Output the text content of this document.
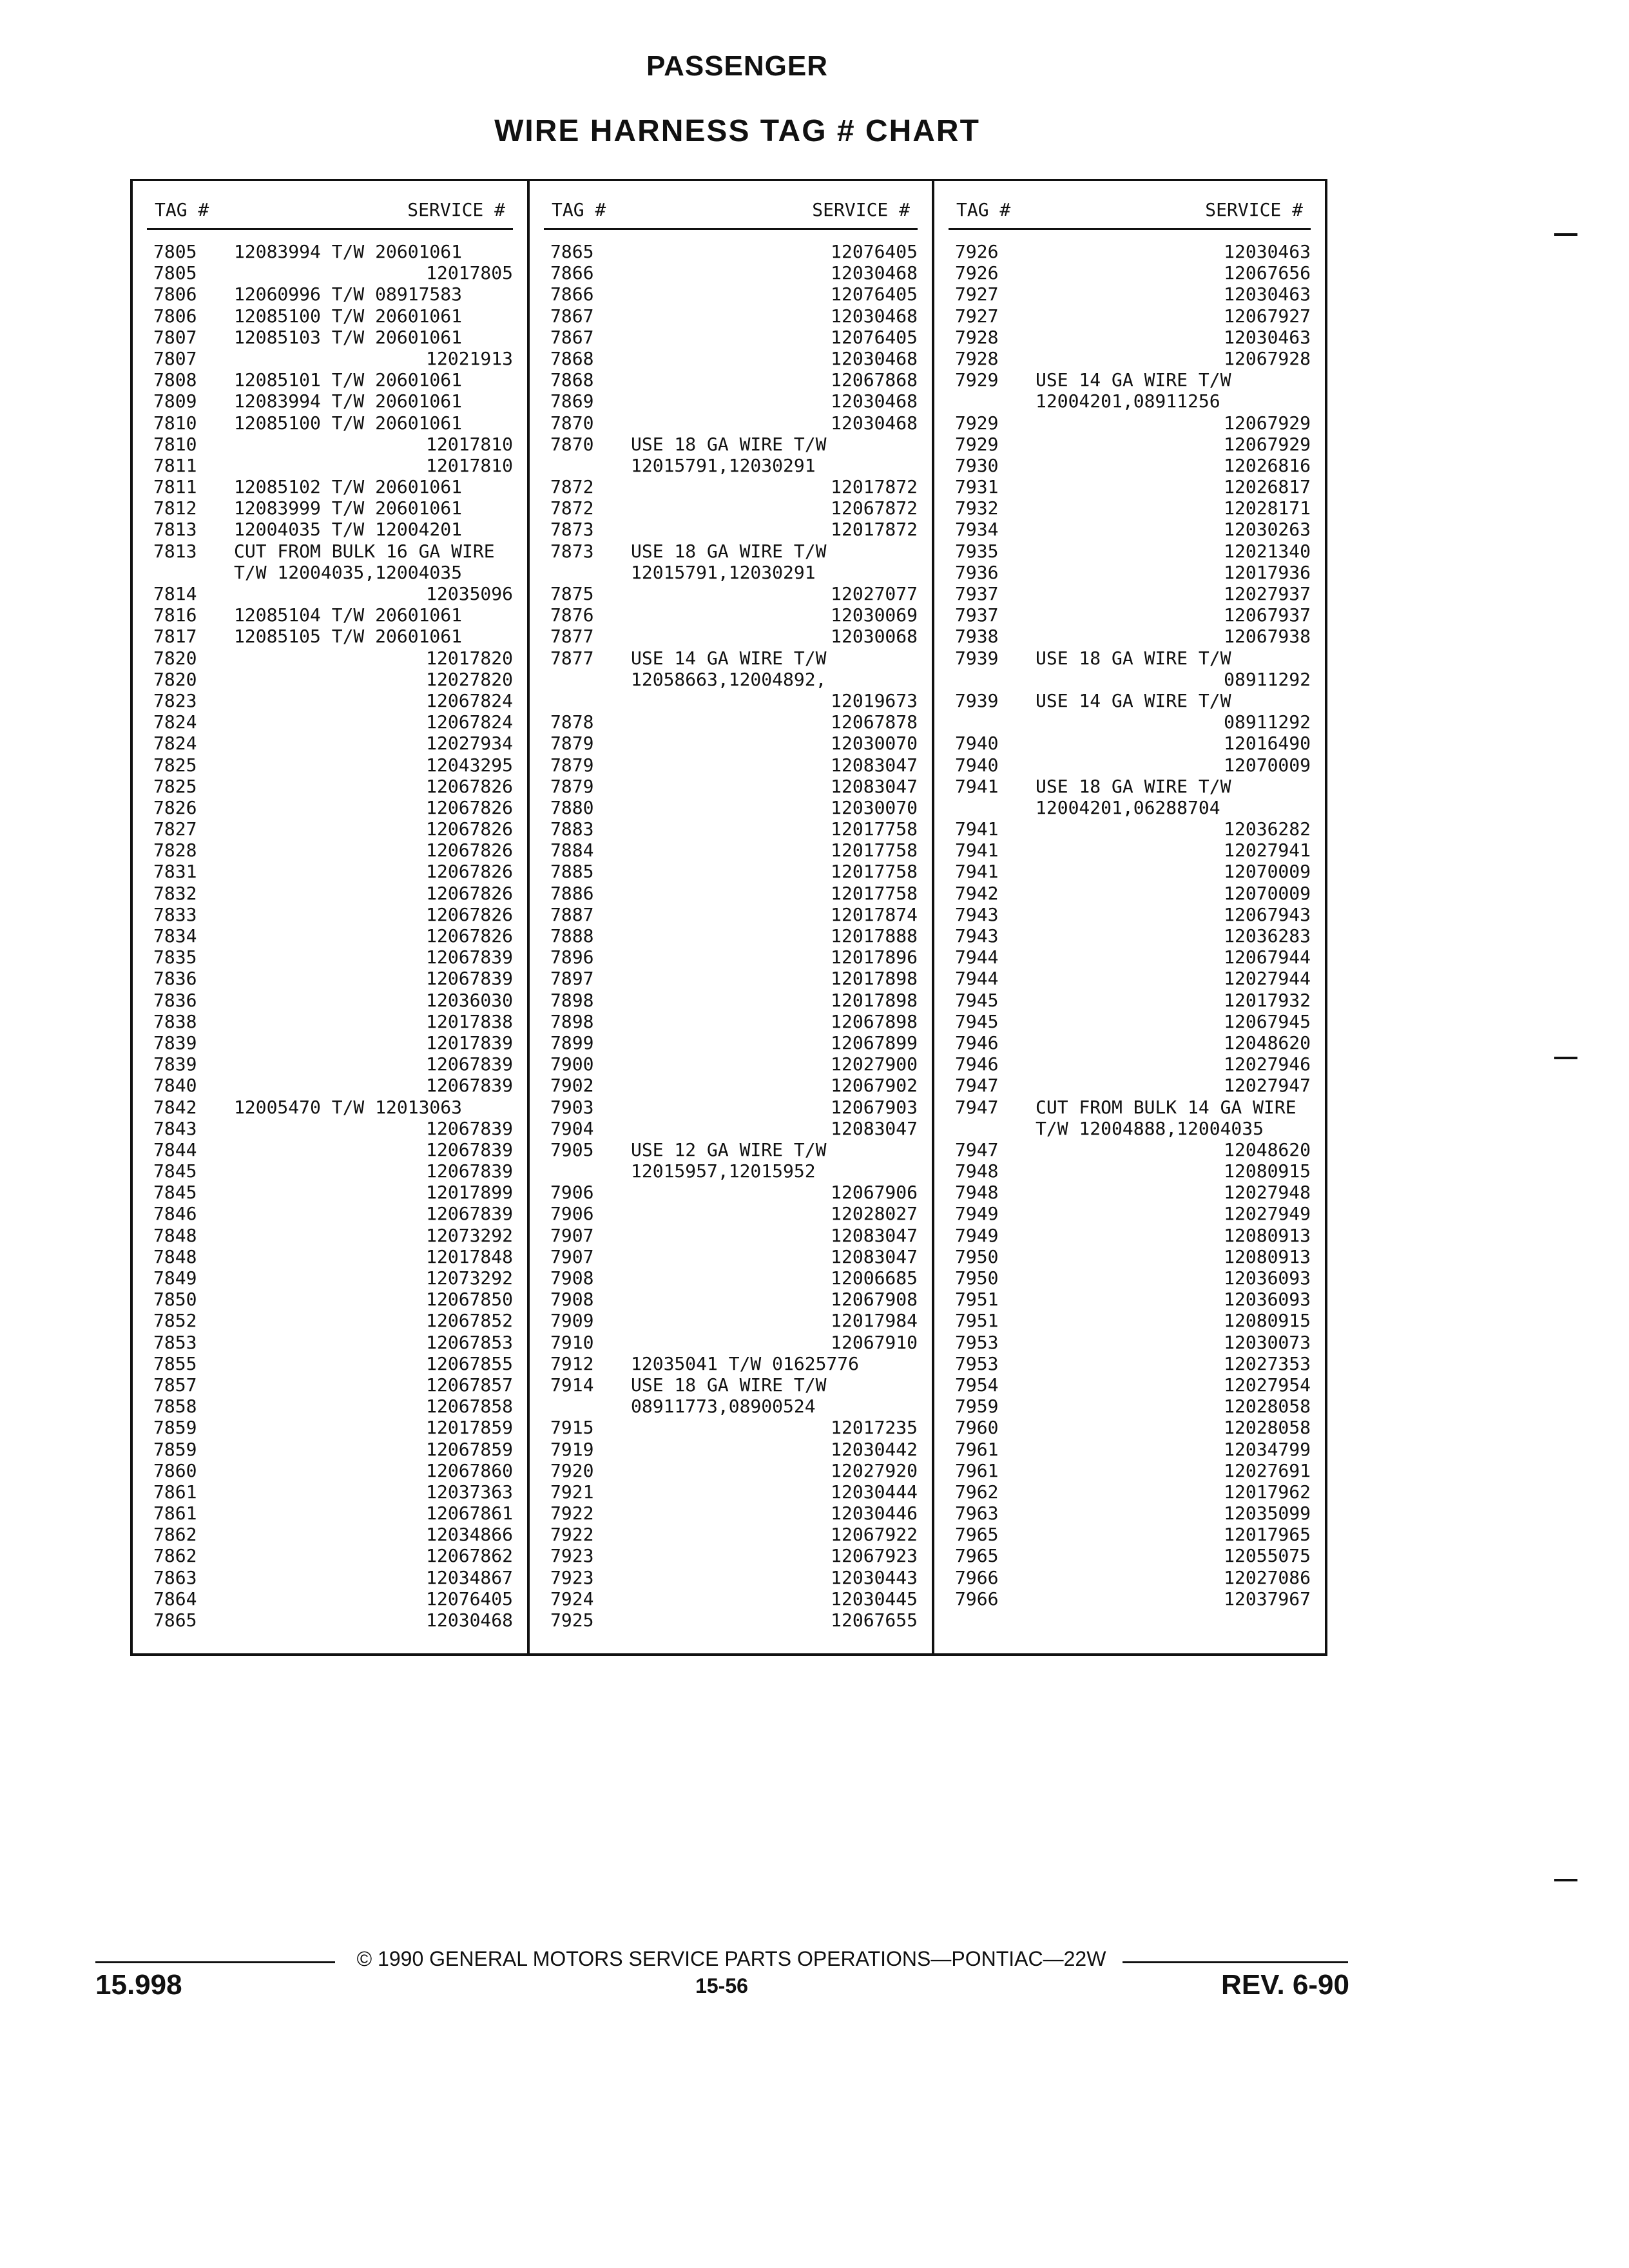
PASSENGER
WIRE HARNESS TAG # CHART
TAG #	SERVICE #
7805 12083994 T/W 20601061
7805	12017805
7806 12060996 T/W 08917583
7806 12085100 T/W 20601061
7807 12085103 T/W 20601061
7807	12021913
7808 12085101 T/W 20601061
7809 12083994 T/W 20601061
7810 12085100 T/W 20601061
7810	12017810
7811	12017810
7811 12085102 T/W 20601061
7812 12083999 T/W 20601061
7813 12004035 T/W 12004201
7813 CUT FROM BULK 16 GA WIRE
T/W 12004035,12004035
7814	12035096
7816 12085104 T/W 20601061
7817 12085105 T/W 20601061
7820	12017820
7820	12027820
7823	12067824
7824	12067824
7824	12027934
7825	12043295
7825	12067826
7826	12067826
7827	12067826
7828	12067826
7831	12067826
7832	12067826
7833	12067826
7834	12067826
7835	12067839
7836	12067839
7836	12036030
7838	12017838
7839	12017839
7839	12067839
7840	12067839
7842 12005470 T/W 12013063
7843	12067839
7844	12067839
7845	12067839
7845	12017899
7846	12067839
7848	12073292
7848	12017848
7849	12073292
7850	12067850
7852	12067852
7853	12067853
7855	12067855
7857	12067857
7858	12067858
7859	12017859
7859	12067859
7860	12067860
7861	12037363
7861	12067861
7862	12034866
7862	12067862
7863	12034867
7864	12076405
7865	12030468
TAG #	SERVICE #
7865	12076405
7866	12030468
7866	12076405
7867	12030468
7867	12076405
7868	12030468
7868	12067868
7869	12030468
7870	12030468
7870 USE 18 GA WIRE T/W
12015791,12030291
7872	12017872
7872	12067872
7873	12017872
7873 USE 18 GA WIRE T/W
12015791,12030291
7875	12027077
7876	12030069
7877	12030068
7877 USE 14 GA WIRE T/W
12058663,12004892,
12019673
7878	12067878
7879	12030070
7879	12083047
7879	12083047
7880	12030070
7883	12017758
7884	12017758
7885	12017758
7886	12017758
7887	12017874
7888	12017888
7896	12017896
7897	12017898
7898	12017898
7898	12067898
7899	12067899
7900	12027900
7902	12067902
7903	12067903
7904	12083047
7905 USE 12 GA WIRE T/W
12015957,12015952
7906	12067906
7906	12028027
7907	12083047
7907	12083047
7908	12006685
7908	12067908
7909	12017984
7910	12067910
7912 12035041 T/W 01625776
7914 USE 18 GA WIRE T/W
08911773,08900524
7915	12017235
7919	12030442
7920	12027920
7921	12030444
7922	12030446
7922	12067922
7923	12067923
7923	12030443
7924	12030445
7925	12067655
TAG #	SERVICE #
7926	12030463
7926	12067656
7927	12030463
7927	12067927
7928	12030463
7928	12067928
7929 USE 14 GA WIRE T/W
12004201,08911256
7929	12067929
7929	12067929
7930	12026816
7931	12026817
7932	12028171
7934	12030263
7935	12021340
7936	12017936
7937	12027937
7937	12067937
7938	12067938
7939 USE 18 GA WIRE T/W
08911292
7939 USE 14 GA WIRE T/W
08911292
7940	12016490
7940	12070009
7941 USE 18 GA WIRE T/W
12004201,06288704
7941	12036282
7941	12027941
7941	12070009
7942	12070009
7943	12067943
7943	12036283
7944	12067944
7944	12027944
7945	12017932
7945	12067945
7946	12048620
7946	12027946
7947	12027947
7947 CUT FROM BULK 14 GA WIRE
T/W 12004888,12004035
7947	12048620
7948	12080915
7948	12027948
7949	12027949
7949	12080913
7950	12080913
7950	12036093
7951	12036093
7951	12080915
7953	12030073
7953	12027353
7954	12027954
7959	12028058
7960	12028058
7961	12034799
7961	12027691
7962	12017962
7963	12035099
7965	12017965
7965	12055075
7966	12027086
7966	12037967
© 1990 GENERAL MOTORS SERVICE PARTS OPERATIONS—PONTIAC—22W
15.998	15-56	REV. 6-90
